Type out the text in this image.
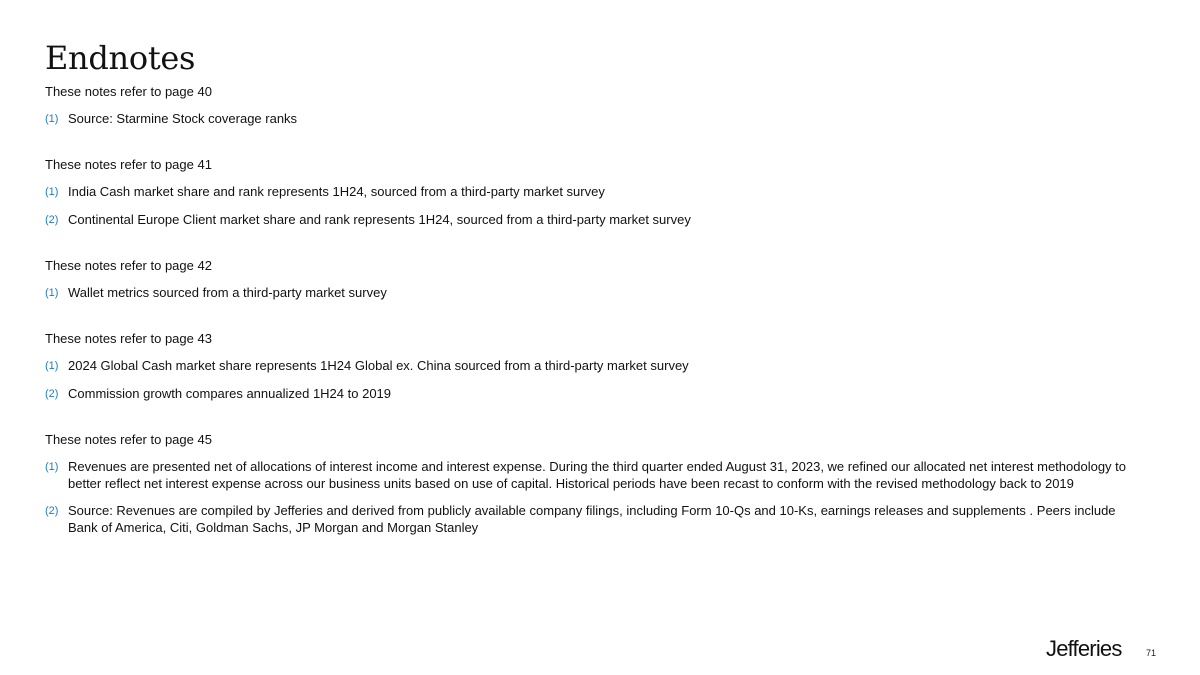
Endnotes
These notes refer to page 40
(1) Source: Starmine Stock coverage ranks
These notes refer to page 41
(1) India Cash market share and rank represents 1H24, sourced from a third-party market survey
(2) Continental Europe Client market share and rank represents 1H24, sourced from a third-party market survey
These notes refer to page 42
(1) Wallet metrics sourced from a third-party market survey
These notes refer to page 43
(1) 2024 Global Cash market share represents 1H24 Global ex. China sourced from a third-party market survey
(2) Commission growth compares annualized 1H24 to 2019
These notes refer to page 45
(1) Revenues are presented net of allocations of interest income and interest expense. During the third quarter ended August 31, 2023, we refined our allocated net interest methodology to better reflect net interest expense across our business units based on use of capital. Historical periods have been recast to conform with the revised methodology back to 2019
(2) Source: Revenues are compiled by Jefferies and derived from publicly available company filings, including Form 10-Qs and 10-Ks, earnings releases and supplements . Peers include Bank of America, Citi, Goldman Sachs, JP Morgan and Morgan Stanley
Jefferies	71
